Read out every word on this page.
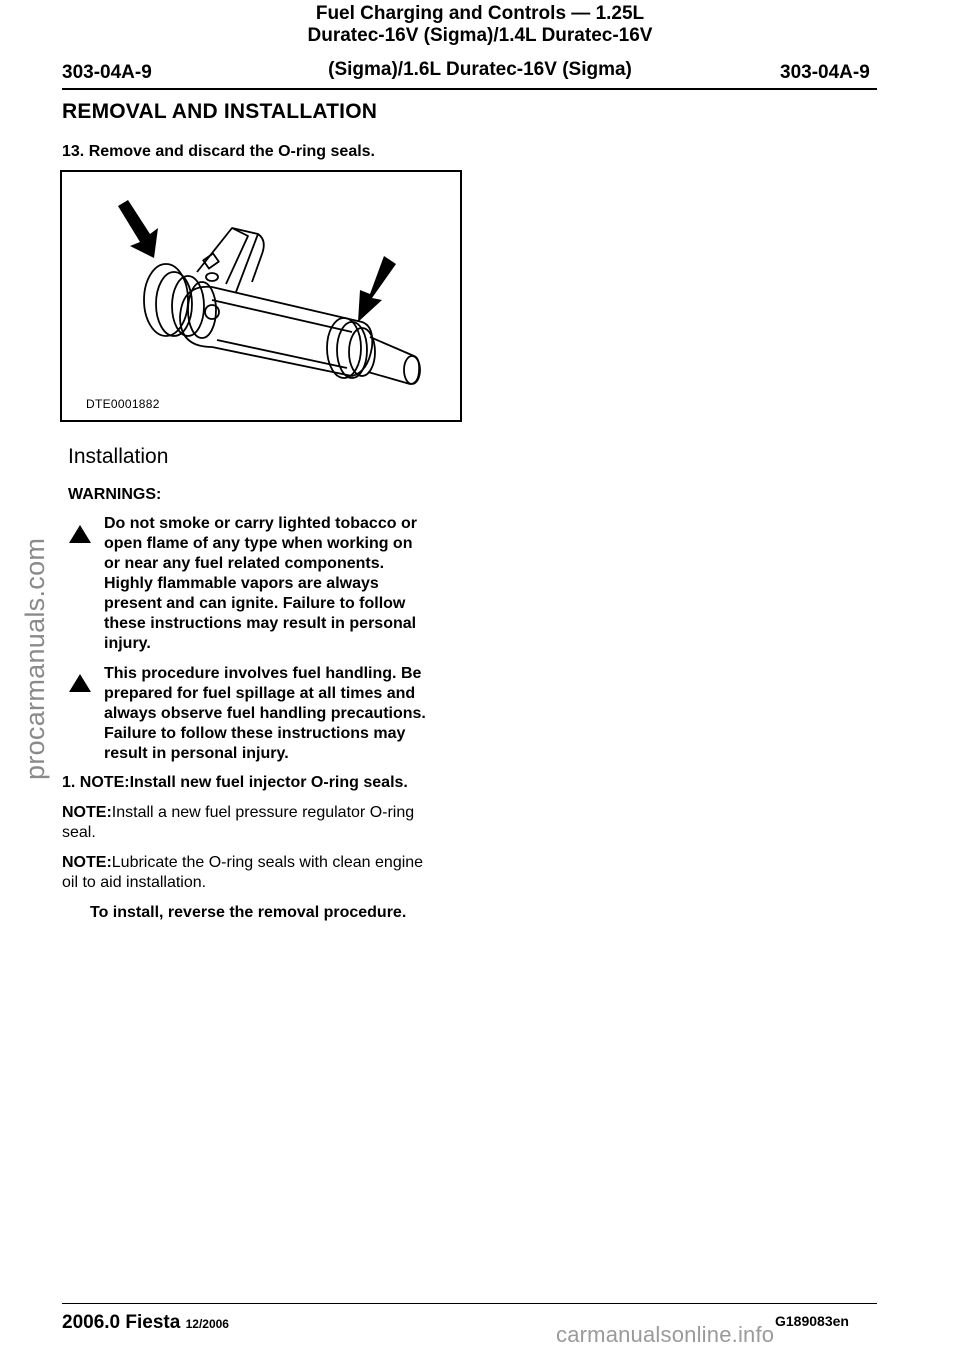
Fuel Charging and Controls — 1.25L
Duratec-16V (Sigma)/1.4L Duratec-16V
(Sigma)/1.6L Duratec-16V (Sigma)
303-04A-9	303-04A-9
REMOVAL AND INSTALLATION
13. Remove and discard the O-ring seals.
DTE0001882
Installation
WARNINGS:
Do not smoke or carry lighted tobacco or
open flame of any type when working on
or near any fuel related components.
Highly flammable vapors are always
present and can ignite. Failure to follow
these instructions may result in personal
injury.
This procedure involves fuel handling. Be
prepared for fuel spillage at all times and
always observe fuel handling precautions.
Failure to follow these instructions may
result in personal injury.
1. NOTE:Install new fuel injector O-ring seals.
NOTE:Install a new fuel pressure regulator O-ring
seal.
NOTE:Lubricate the O-ring seals with clean engine
oil to aid installation.
To install, reverse the removal procedure.
2006.0 Fiesta 12/2006	G189083en
procarmanuals.com
carmanualsonline.info
